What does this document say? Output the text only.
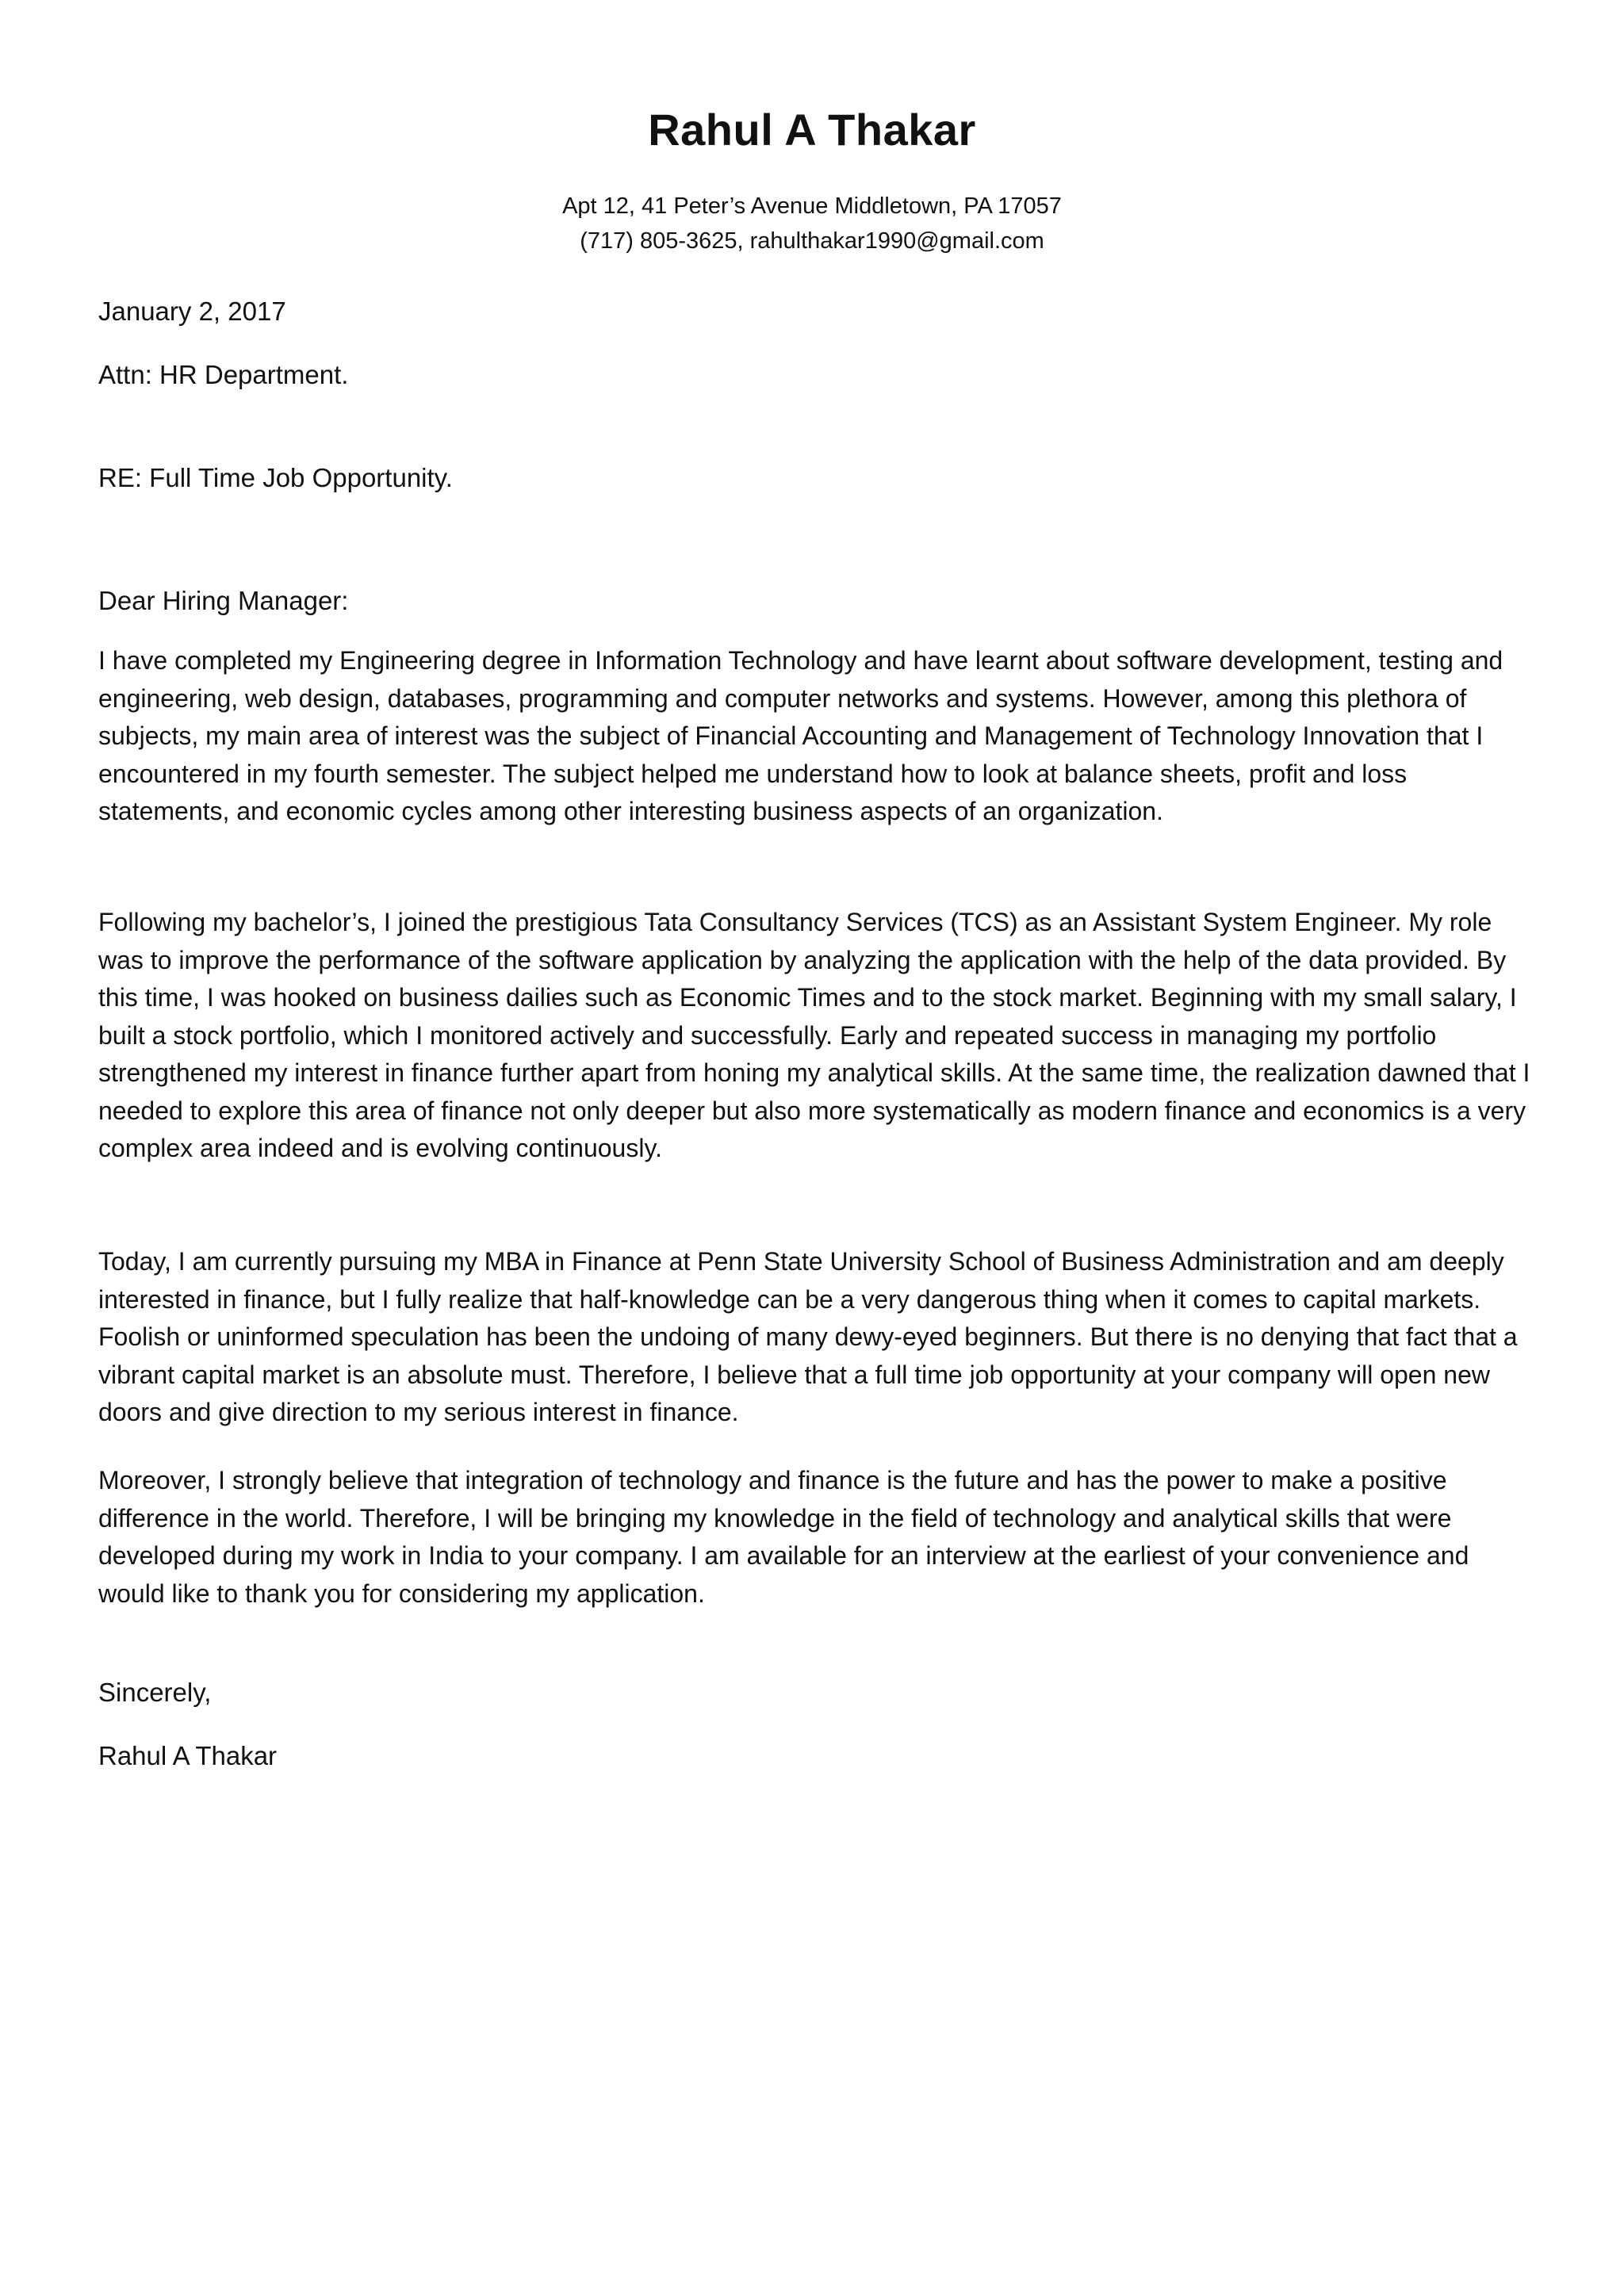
Rahul A Thakar
Apt 12, 41 Peter’s Avenue Middletown, PA 17057
(717) 805-3625, rahulthakar1990@gmail.com
January 2, 2017
Attn: HR Department.
RE: Full Time Job Opportunity.
Dear Hiring Manager:
I have completed my Engineering degree in Information Technology and have learnt about software development, testing and engineering, web design, databases, programming and computer networks and systems. However, among this plethora of subjects, my main area of interest was the subject of Financial Accounting and Management of Technology Innovation that I encountered in my fourth semester. The subject helped me understand how to look at balance sheets, profit and loss statements, and economic cycles among other interesting business aspects of an organization.
Following my bachelor’s, I joined the prestigious Tata Consultancy Services (TCS) as an Assistant System Engineer. My role was to improve the performance of the software application by analyzing the application with the help of the data provided. By this time, I was hooked on business dailies such as Economic Times and to the stock market. Beginning with my small salary, I built a stock portfolio, which I monitored actively and successfully. Early and repeated success in managing my portfolio strengthened my interest in finance further apart from honing my analytical skills. At the same time, the realization dawned that I needed to explore this area of finance not only deeper but also more systematically as modern finance and economics is a very complex area indeed and is evolving continuously.
Today, I am currently pursuing my MBA in Finance at Penn State University School of Business Administration and am deeply interested in finance, but I fully realize that half-knowledge can be a very dangerous thing when it comes to capital markets. Foolish or uninformed speculation has been the undoing of many dewy-eyed beginners. But there is no denying that fact that a vibrant capital market is an absolute must. Therefore, I believe that a full time job opportunity at your company will open new doors and give direction to my serious interest in finance.
Moreover, I strongly believe that integration of technology and finance is the future and has the power to make a positive difference in the world. Therefore, I will be bringing my knowledge in the field of technology and analytical skills that were developed during my work in India to your company. I am available for an interview at the earliest of your convenience and would like to thank you for considering my application.
Sincerely,
Rahul A Thakar
